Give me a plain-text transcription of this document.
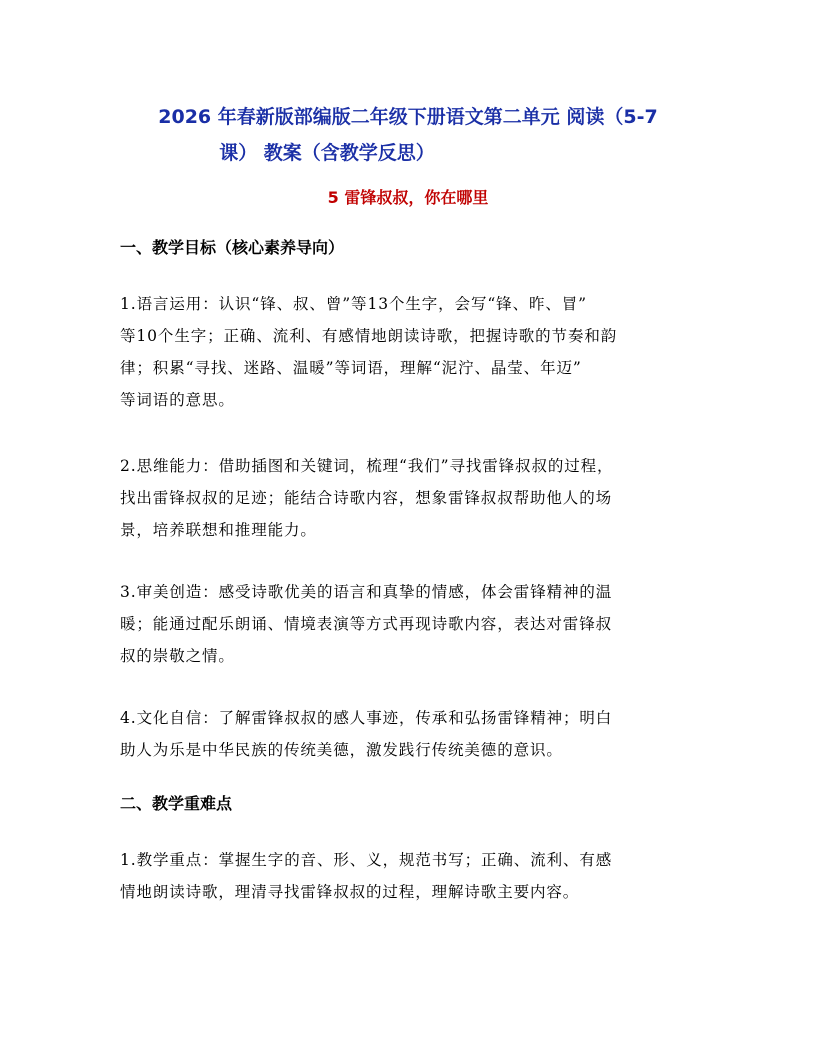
2026 年春新版部编版二年级下册语文第二单元 阅读（5-7
课） 教案（含教学反思）
5 雷锋叔叔，你在哪里
一、教学目标（核心素养导向）
1.语言运用：认识“锋、叔、曾”等13个生字，会写“锋、昨、冒”
等10个生字；正确、流利、有感情地朗读诗歌，把握诗歌的节奏和韵
律；积累“寻找、迷路、温暖”等词语，理解“泥泞、晶莹、年迈”
等词语的意思。
2.思维能力：借助插图和关键词，梳理“我们”寻找雷锋叔叔的过程，
找出雷锋叔叔的足迹；能结合诗歌内容，想象雷锋叔叔帮助他人的场
景，培养联想和推理能力。
3.审美创造：感受诗歌优美的语言和真挚的情感，体会雷锋精神的温
暖；能通过配乐朗诵、情境表演等方式再现诗歌内容，表达对雷锋叔
叔的崇敬之情。
4.文化自信：了解雷锋叔叔的感人事迹，传承和弘扬雷锋精神；明白
助人为乐是中华民族的传统美德，激发践行传统美德的意识。
二、教学重难点
1.教学重点：掌握生字的音、形、义，规范书写；正确、流利、有感
情地朗读诗歌，理清寻找雷锋叔叔的过程，理解诗歌主要内容。
